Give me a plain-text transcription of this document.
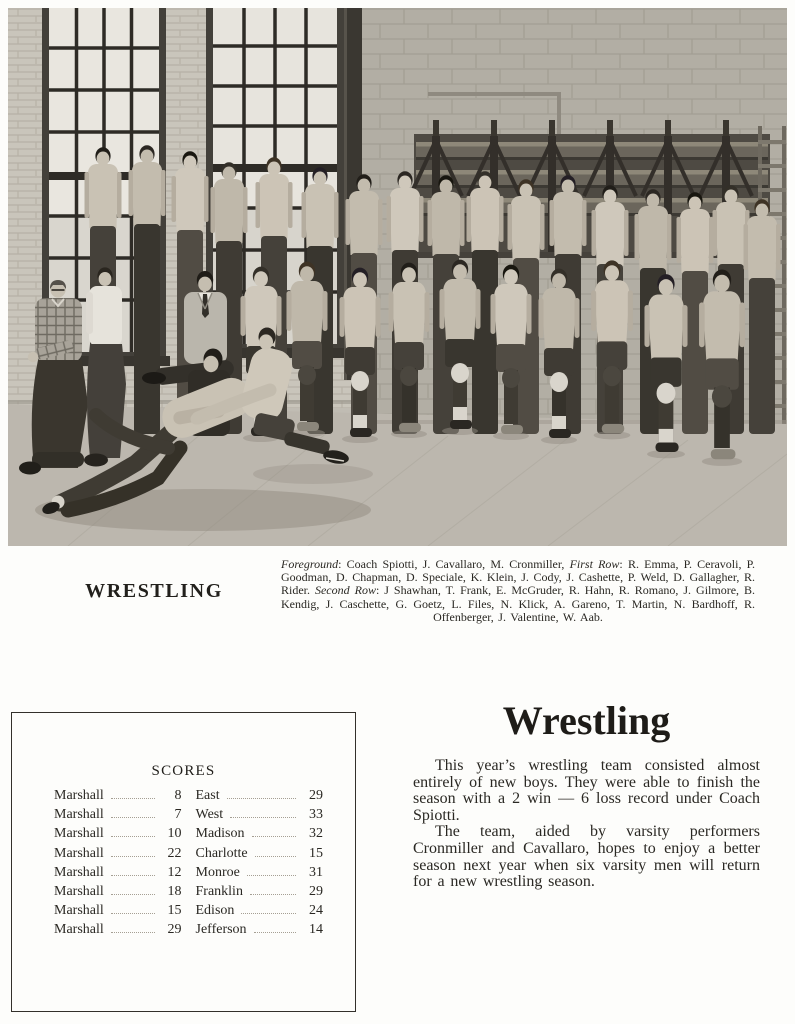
WRESTLING
Foreground: Coach Spiotti, J. Cavallaro, M. Cronmiller, First Row: R. Emma, P. Ceravoli, P. Goodman, D. Chapman, D. Speciale, K. Klein, J. Cody, J. Cashette, P. Weld, D. Gallagher, R. Rider. Second Row: J Shawhan, T. Frank, E. McGruder, R. Hahn, R. Romano, J. Gilmore, B. Kendig, J. Caschette, G. Goetz, L. Files, N. Klick, A. Gareno, T. Martin, N. Bardhoff, R. Offenberger, J. Valentine, W. Aab.
SCORES
Marshall	8 East	29
Marshall	7 West	33
Marshall	10 Madison	32
Marshall	22 Charlotte	15
Marshall	12 Monroe	31
Marshall	18 Franklin	29
Marshall	15 Edison	24
Marshall	29 Jefferson	14
Wrestling

This year’s wrestling team consisted almost entirely of new boys. They were able to finish the season with a 2 win — 6 loss record under Coach Spiotti.

The team, aided by varsity performers Cronmiller and Cavallaro, hopes to enjoy a better season next year when six varsity men will return for a new wrestling season.
